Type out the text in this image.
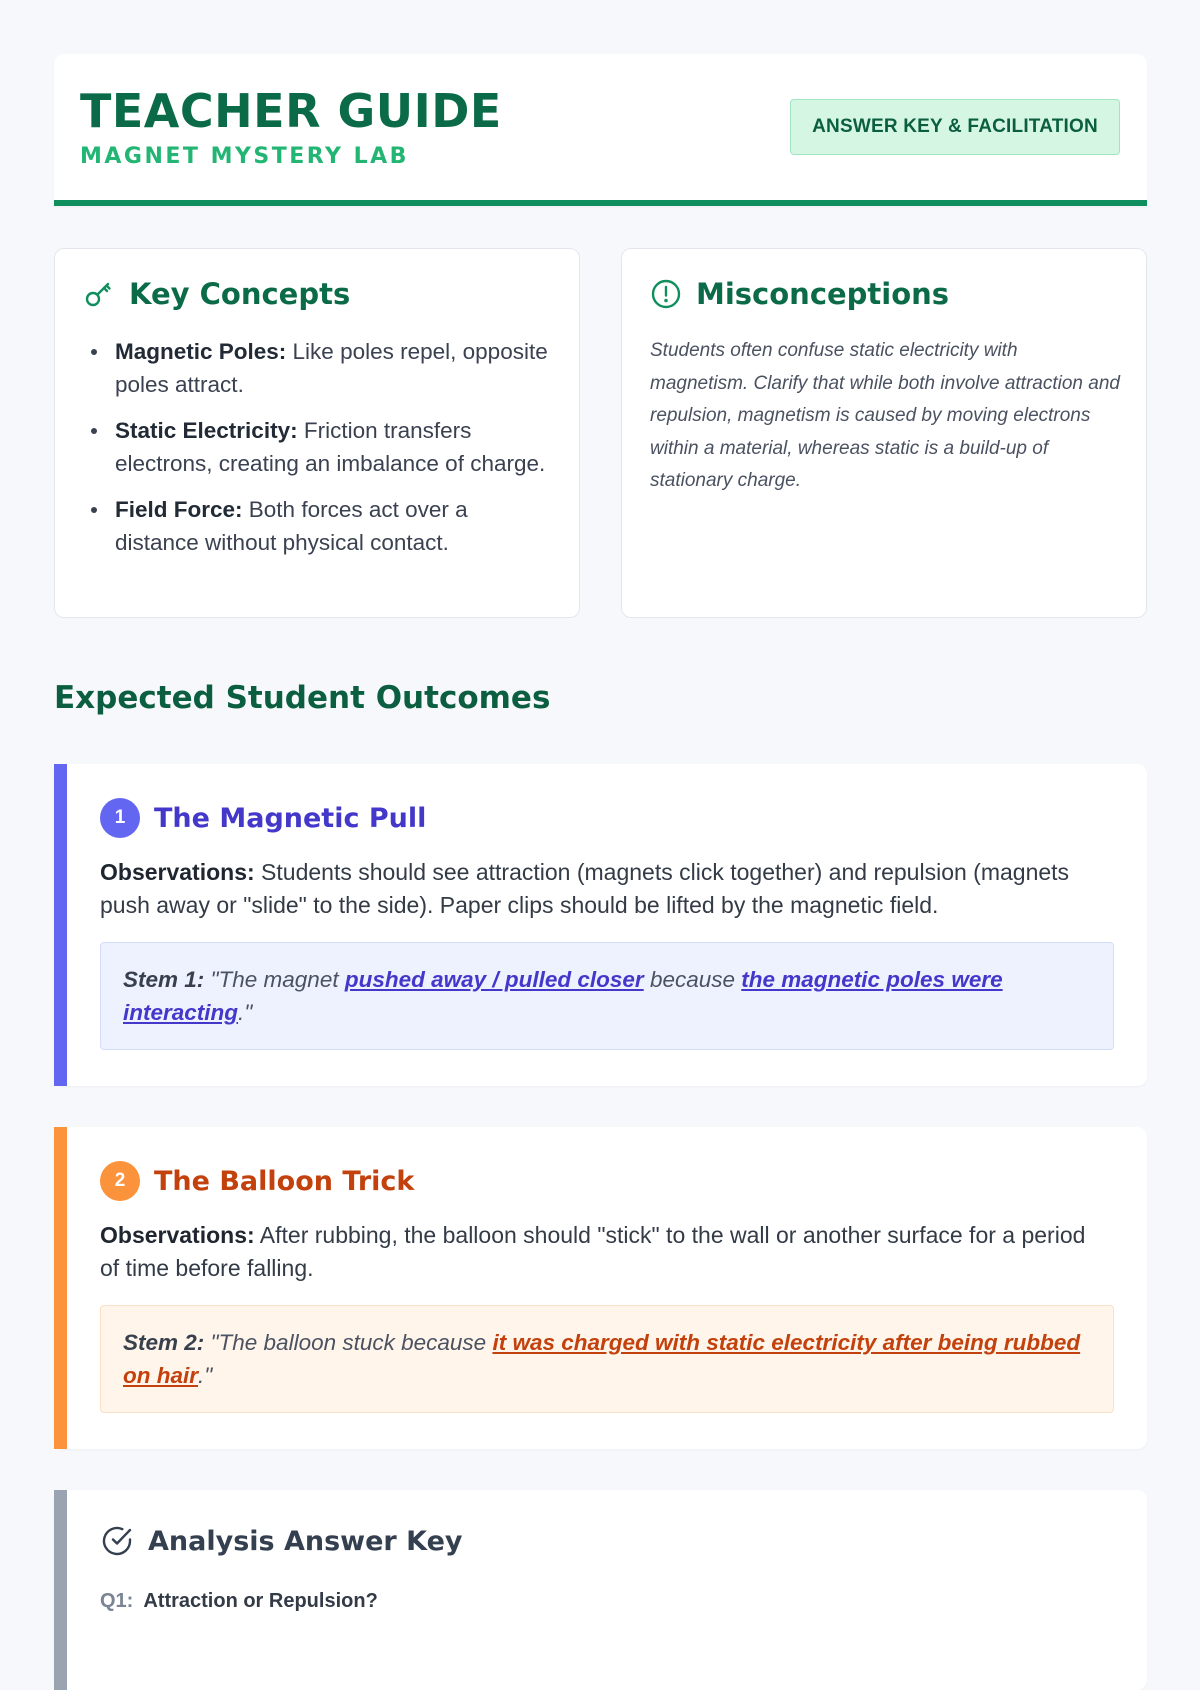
TEACHER GUIDE
MAGNET MYSTERY LAB
ANSWER KEY & FACILITATION
Key Concepts
Magnetic Poles: Like poles repel, opposite poles attract.
Static Electricity: Friction transfers electrons, creating an imbalance of charge.
Field Force: Both forces act over a distance without physical contact.
Misconceptions

Students often confuse static electricity with magnetism. Clarify that while both involve attraction and repulsion, magnetism is caused by moving electrons within a material, whereas static is a build-up of stationary charge.

Expected Student Outcomes
1	The Magnetic Pull

Observations: Students should see attraction (magnets click together) and repulsion (magnets push away or "slide" to the side). Paper clips should be lifted by the magnetic field.

Stem 1: "The magnet pushed away / pulled closer because the magnetic poles were interacting."
2	The Balloon Trick

Observations: After rubbing, the balloon should "stick" to the wall or another surface for a period of time before falling.

Stem 2: "The balloon stuck because it was charged with static electricity after being rubbed on hair."
Analysis Answer Key
Q1: Attraction or Repulsion?
